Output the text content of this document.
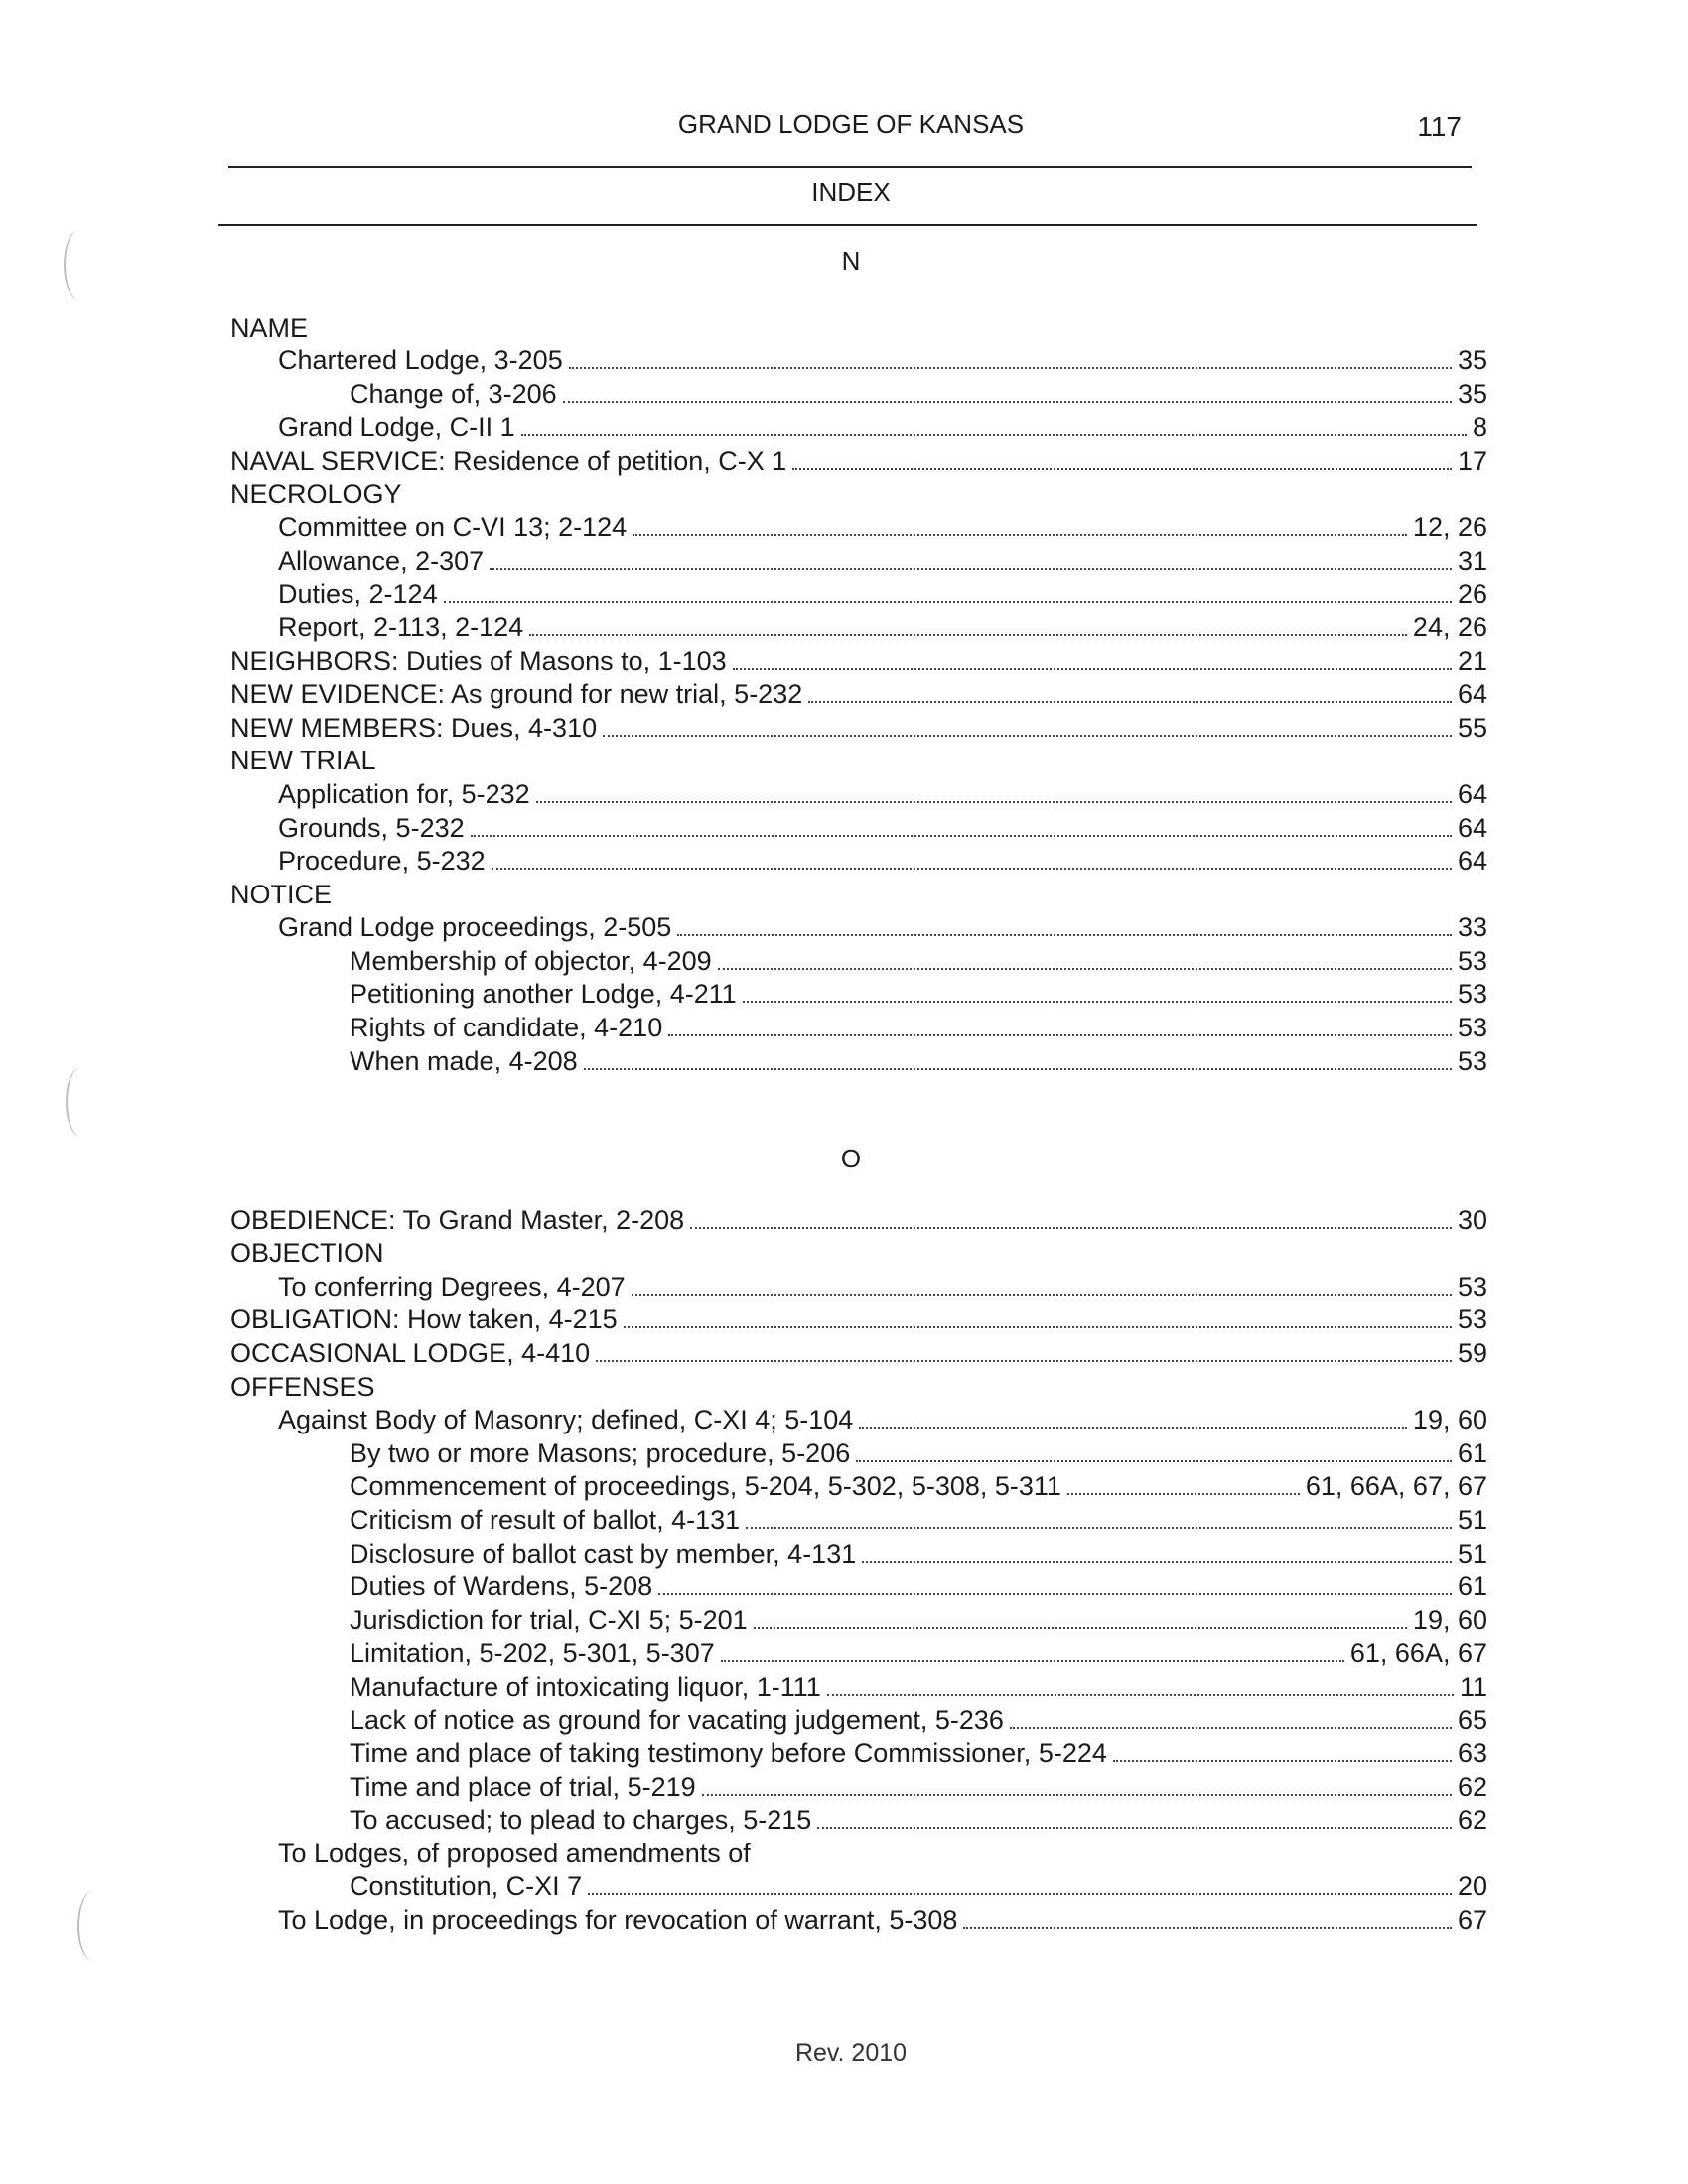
GRAND LODGE OF KANSAS	117
INDEX
N
NAME
Chartered Lodge, 3-205	35
Change of, 3-206	35
Grand Lodge, C-II 1	8
NAVAL SERVICE: Residence of petition, C-X 1	17
NECROLOGY
Committee on C-VI 13; 2-124	12, 26
Allowance, 2-307	31
Duties, 2-124	26
Report, 2-113, 2-124	24, 26
NEIGHBORS: Duties of Masons to, 1-103	21
NEW EVIDENCE: As ground for new trial, 5-232	64
NEW MEMBERS: Dues, 4-310	55
NEW TRIAL
Application for, 5-232	64
Grounds, 5-232	64
Procedure, 5-232	64
NOTICE
Grand Lodge proceedings, 2-505	33
Membership of objector, 4-209	53
Petitioning another Lodge, 4-211	53
Rights of candidate, 4-210	53
When made, 4-208	53
O
OBEDIENCE: To Grand Master, 2-208	30
OBJECTION
To conferring Degrees, 4-207	53
OBLIGATION: How taken, 4-215	53
OCCASIONAL LODGE, 4-410	59
OFFENSES
Against Body of Masonry; defined, C-XI 4; 5-104	19, 60
By two or more Masons; procedure, 5-206	61
Commencement of proceedings, 5-204, 5-302, 5-308, 5-311	61, 66A, 67, 67
Criticism of result of ballot, 4-131	51
Disclosure of ballot cast by member, 4-131	51
Duties of Wardens, 5-208	61
Jurisdiction for trial, C-XI 5; 5-201	19, 60
Limitation, 5-202, 5-301, 5-307	61, 66A, 67
Manufacture of intoxicating liquor, 1-111	11
Lack of notice as ground for vacating judgement, 5-236	65
Time and place of taking testimony before Commissioner, 5-224	63
Time and place of trial, 5-219	62
To accused; to plead to charges, 5-215	62
To Lodges, of proposed amendments of
Constitution, C-XI 7	20
To Lodge, in proceedings for revocation of warrant, 5-308	67
Rev. 2010
